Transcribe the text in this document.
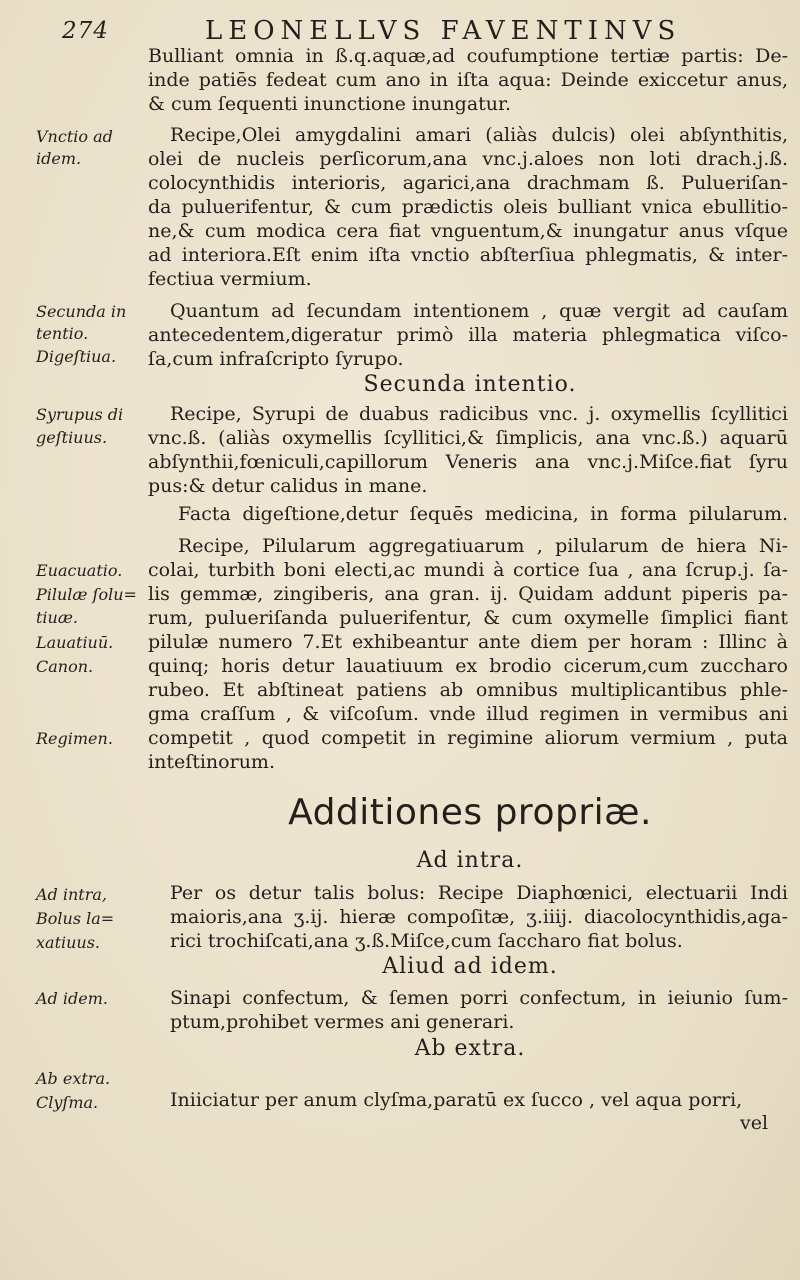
274	LEONELLVS FAVENTINVS
Bulliant omnia in ß.q.aquæ,ad coufumptione tertiæ partis: De-
inde patiēs fedeat cum ano in iſta aqua: Deinde exiccetur anus,
& cum ſequenti inunctione inungatur.
Vnctio ad
idem.
Recipe,Olei amygdalini amari (aliàs dulcis) olei abſynthitis,
olei de nucleis perſicorum,ana vnc.j.aloes non loti drach.j.ß.
colocynthidis interioris, agarici,ana drachmam ß. Pulueriſan-
da puluerifentur, & cum prædictis oleis bulliant vnica ebullitio-
ne,& cum modica cera fiat vnguentum,& inungatur anus vſque
ad interiora.Eſt enim iſta vnctio abſterſiua phlegmatis, & inter-
fectiua vermium.
Secunda in
tentio.
Digeſtiua.
Quantum ad ſecundam intentionem , quæ vergit ad cauſam
antecedentem,digeratur primò illa materia phlegmatica viſco-
ſa,cum infraſcripto ſyrupo.
Secunda intentio.
Syrupus di
geſtiuus.
Recipe, Syrupi de duabus radicibus vnc. j. oxymellis ſcyllitici
vnc.ß. (aliàs oxymellis ſcyllitici,& ſimplicis, ana vnc.ß.) aquarū
abſynthii,fœniculi,capillorum Veneris ana vnc.j.Miſce.fiat ſyru
pus:& detur calidus in mane.
Facta digeſtione,detur ſequēs medicina, in forma pilularum.
Recipe, Pilularum aggregatiuarum , pilularum de hiera Ni-
Euacuatio.	colai, turbith boni electi,ac mundi à cortice ſua , ana ſcrup.j. ſa-
Pilulæ ſolu= lis gemmæ, zingiberis, ana gran. ij. Quidam addunt piperis pa-
tiuæ.	rum, pulueriſanda puluerifentur, & cum oxymelle ſimplici fiant
Lauatiuū.	pilulæ numero 7.Et exhibeantur ante diem per horam : Illinc à
Canon.	quinq; horis detur lauatiuum ex brodio cicerum,cum zuccharo
rubeo. Et abſtineat patiens ab omnibus multiplicantibus phle-
gma craſſum , & viſcoſum. vnde illud regimen in vermibus ani
Regimen.	competit , quod competit in regimine aliorum vermium , puta
inteſtinorum.
Additiones propriæ.
Ad intra.
Ad intra,	Per os detur talis bolus: Recipe Diaphœnici, electuarii Indi
Bolus la=	maioris,ana ʒ.ij. hieræ compoſitæ, ʒ.iiij. diacolocynthidis,aga-
xatiuus.	rici trochiſcati,ana ʒ.ß.Miſce,cum ſaccharo fiat bolus.
Aliud ad idem.
Ad idem.	Sinapi confectum, & ſemen porri confectum, in ieiunio ſum-
ptum,prohibet vermes ani generari.
Ab extra.
Ab extra.
Clyſma.	Iniiciatur per anum clyſma,paratū ex ſucco , vel aqua porri,
vel
